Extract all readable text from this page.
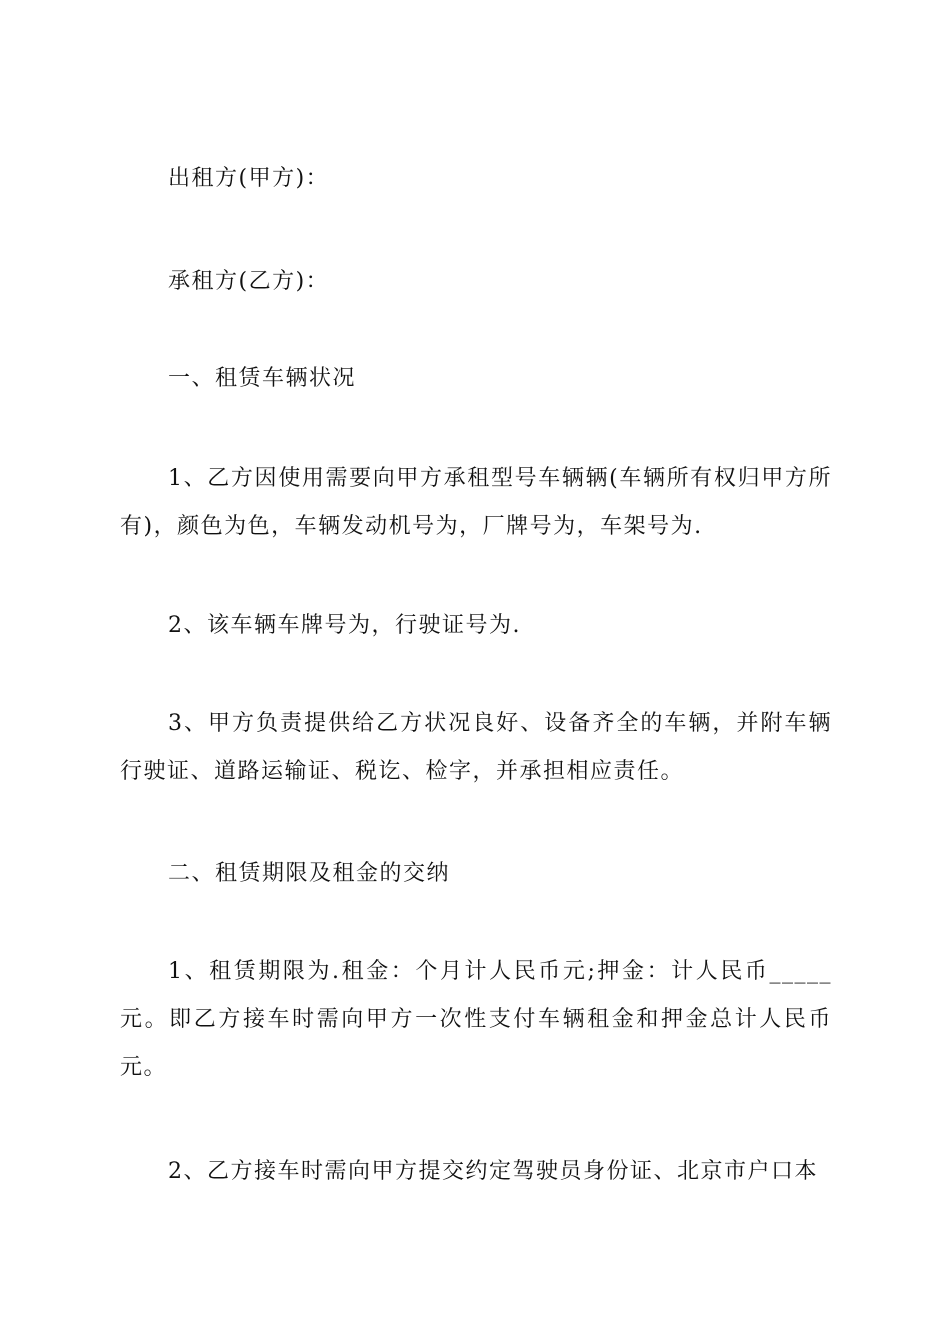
出租方(甲方)：

承租方(乙方)：

一、租赁车辆状况

1、乙方因使用需要向甲方承租型号车辆辆(车辆所有权归甲方所有)，颜色为色，车辆发动机号为，厂牌号为，车架号为.

2、该车辆车牌号为，行驶证号为.

3、甲方负责提供给乙方状况良好、设备齐全的车辆，并附车辆行驶证、道路运输证、税讫、检字，并承担相应责任。

二、租赁期限及租金的交纳

1、租赁期限为.租金：个月计人民币元;押金：计人民币_____元。即乙方接车时需向甲方一次性支付车辆租金和押金总计人民币元。

2、乙方接车时需向甲方提交约定驾驶员身份证、北京市户口本
